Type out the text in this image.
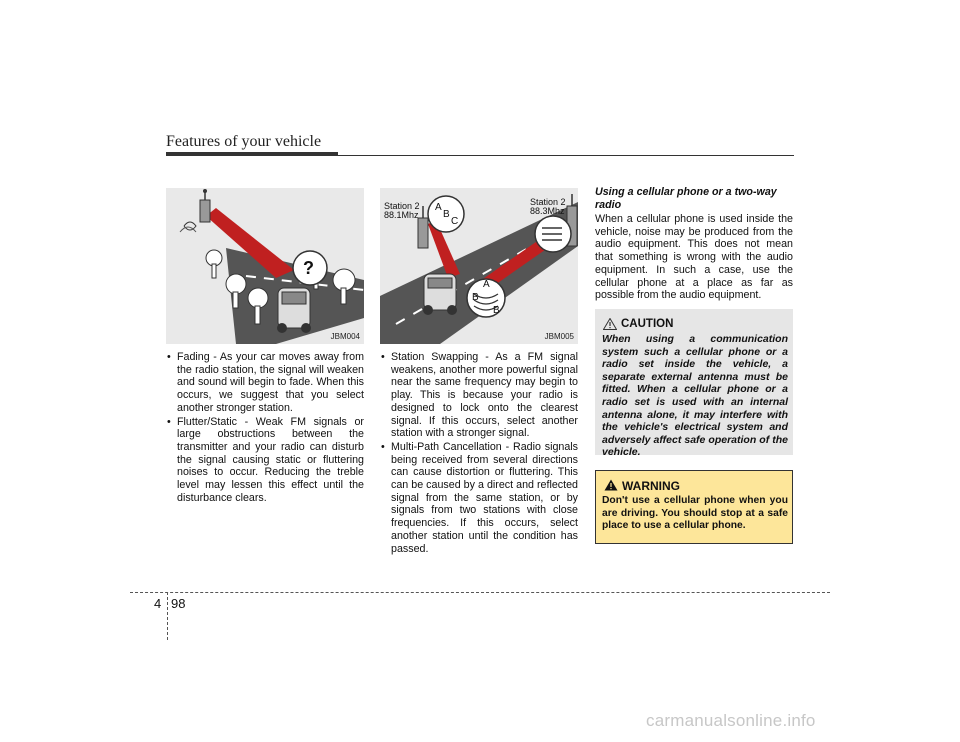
Features of your vehicle
?
JBM004
Station 2
88.1Mhz
Station 2
88.3Mhz
A
B
C
A
B
B
JBM005
• Fading - As your car moves away from the radio station, the signal will weaken and sound will begin to fade. When this occurs, we suggest that you select another stronger station.
• Flutter/Static - Weak FM signals or large obstructions between the transmitter and your radio can disturb the signal causing static or fluttering noises to occur. Reducing the treble level may lessen this effect until the disturbance clears.
• Station Swapping - As a FM signal weakens, another more powerful signal near the same frequency may begin to play. This is because your radio is designed to lock onto the clearest signal. If this occurs, select another station with a stronger signal.
• Multi-Path Cancellation - Radio signals being received from several directions can cause distortion or fluttering. This can be caused by a direct and reflected signal from the same station, or by signals from two stations with close frequencies. If this occurs, select another station until the condition has passed.
Using a cellular phone or a two-way radio
When a cellular phone is used inside the vehicle, noise may be produced from the audio equipment. This does not mean that something is wrong with the audio equipment. In such a case, use the cellular phone at a place as far as possible from the audio equipment.
CAUTION
When using a communication system such a cellular phone or a radio set inside the vehicle, a separate external antenna must be fitted. When a cellular phone or a radio set is used with an internal antenna alone, it may interfere with the vehicle's electrical system and adversely affect safe operation of the vehicle.
WARNING
Don't use a cellular phone when you are driving. You should stop at a safe place to use a cellular phone.
4 98
carmanualsonline.info
